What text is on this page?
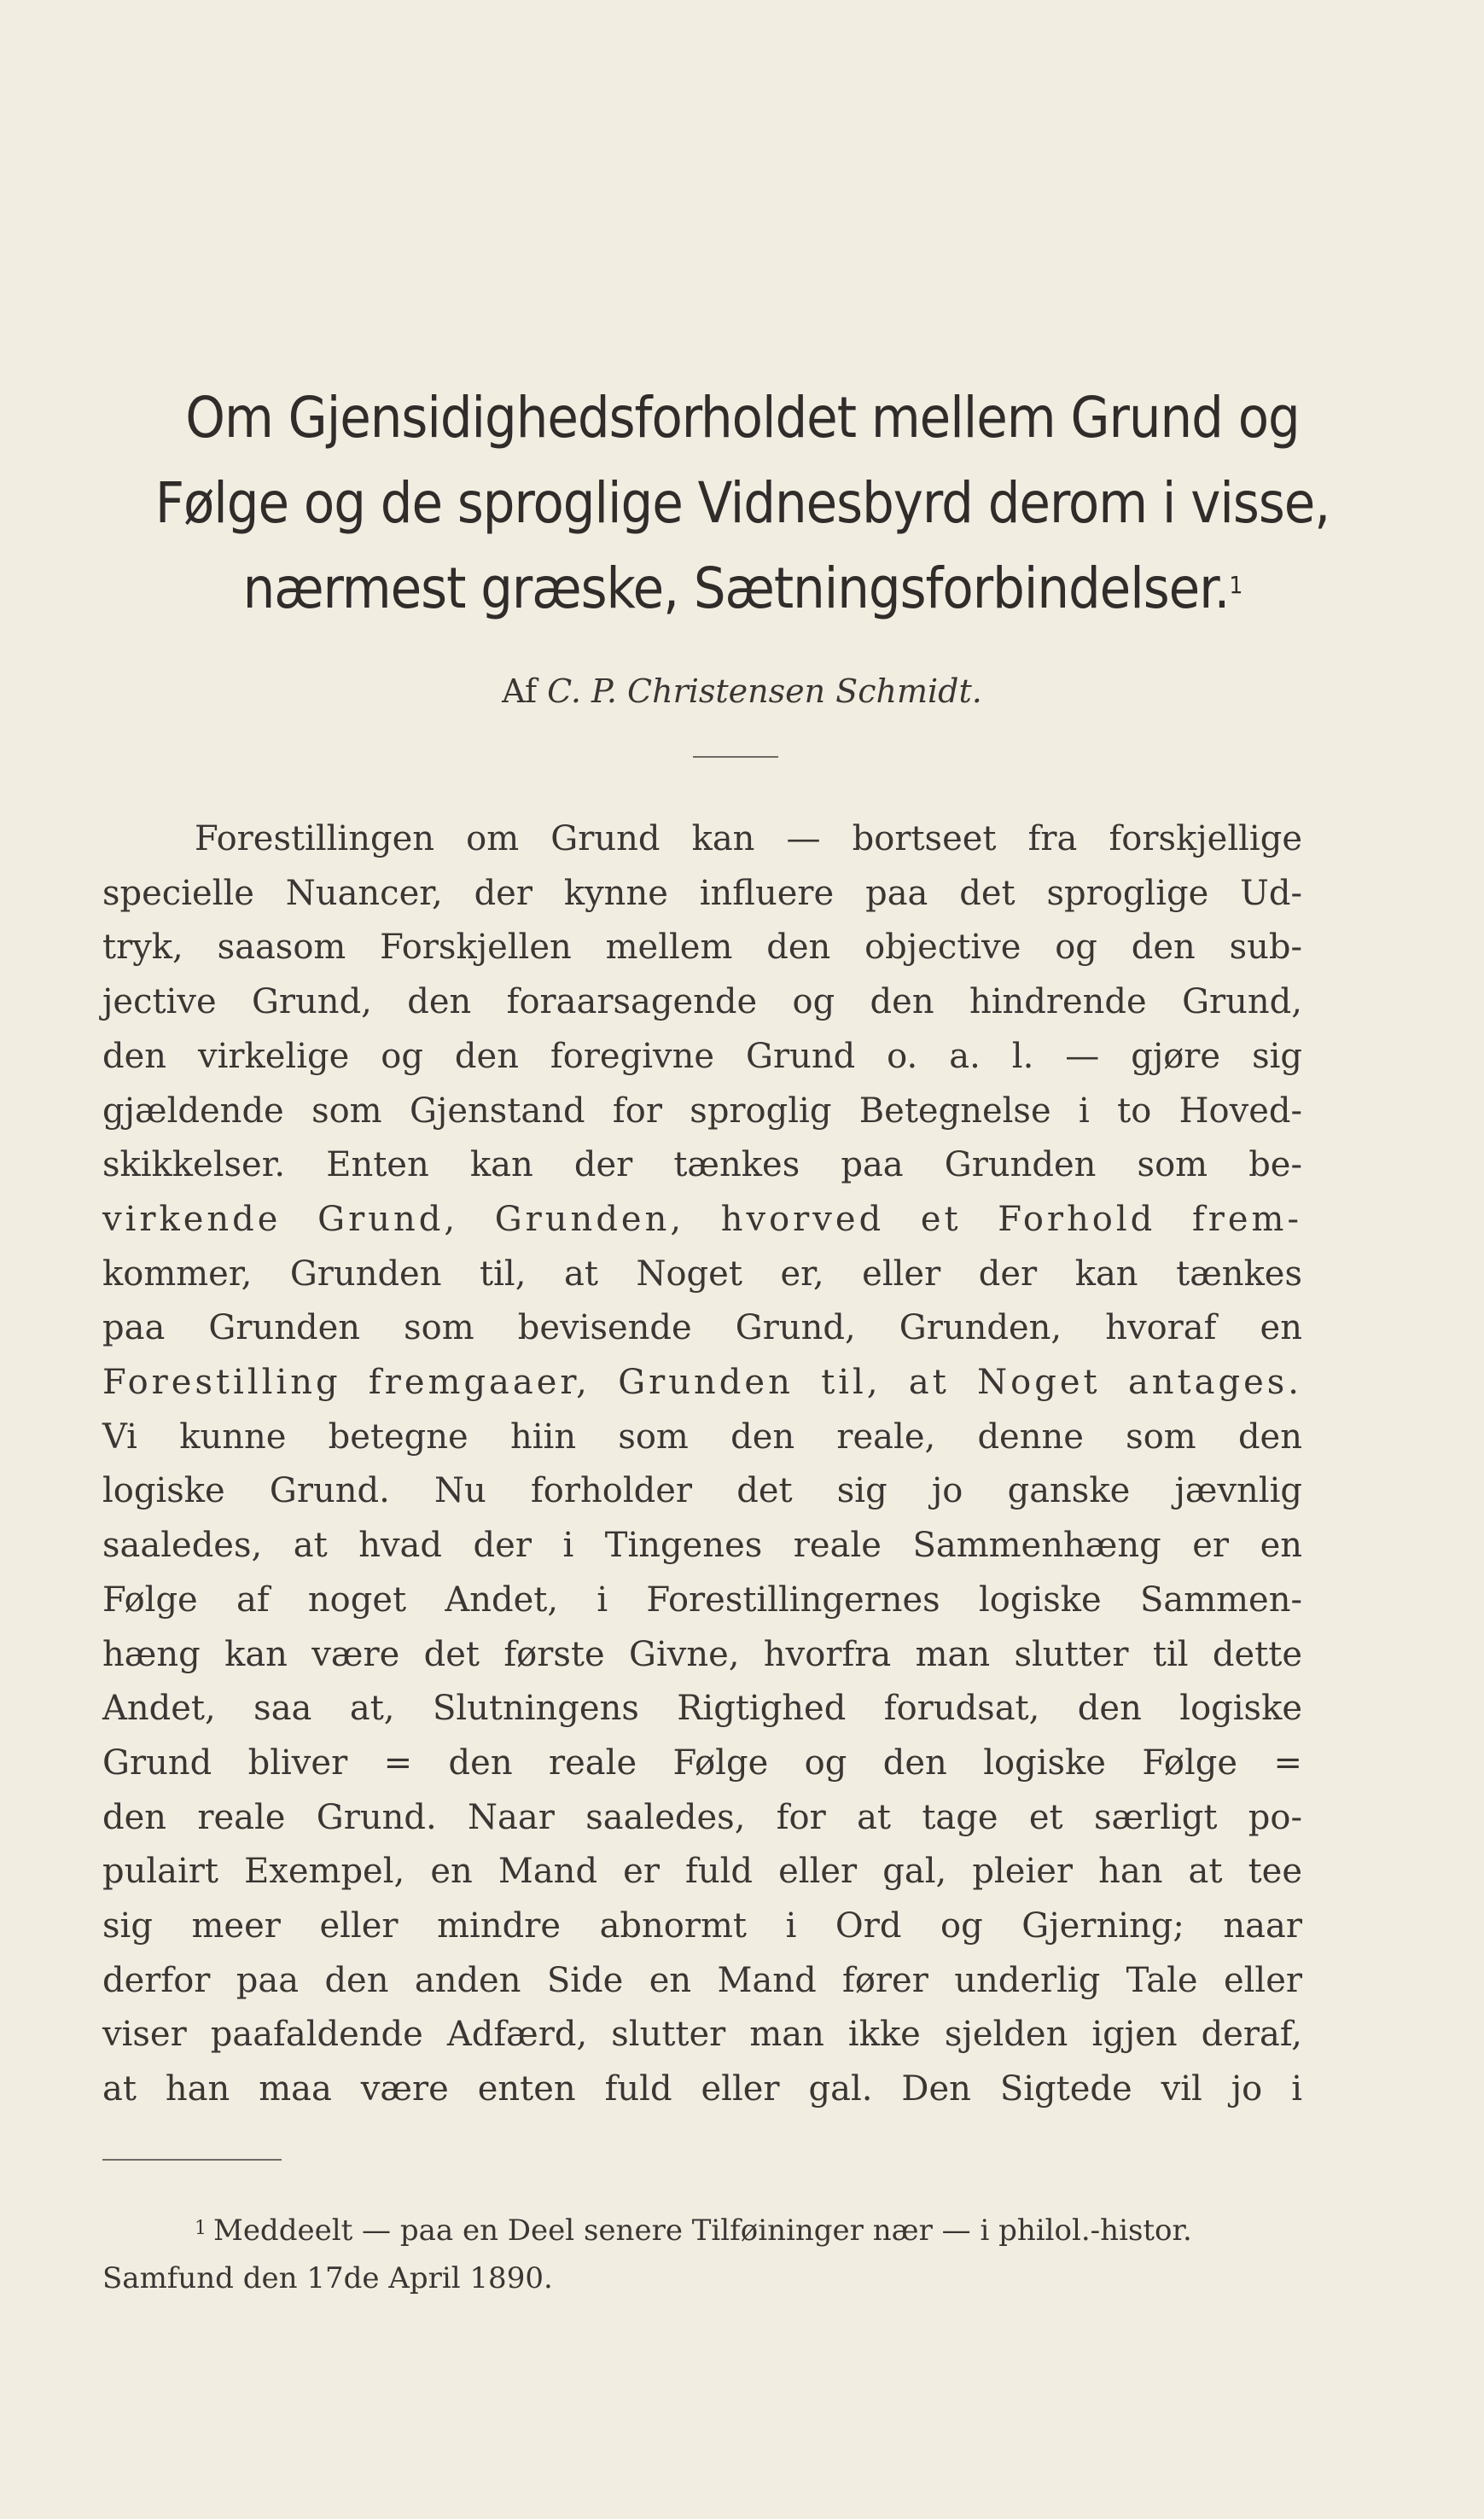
Om Gjensidighedsforholdet mellem Grund og
Følge og de sproglige Vidnesbyrd derom i visse,
nærmest græske, Sætningsforbindelser.$^1$
Af C. P. Christensen Schmidt.
Forestillingen om Grund kan — bortseet fra forskjellige
specielle Nuancer, der kynne influere paa det sproglige Ud-
tryk, saasom Forskjellen mellem den objective og den sub-
jective Grund, den foraarsagende og den hindrende Grund,
den virkelige og den foregivne Grund o. a. l. — gjøre sig
gjældende som Gjenstand for sproglig Betegnelse i to Hoved-
skikkelser. Enten kan der tænkes paa Grunden som be-
virkende Grund, Grunden, hvorved et Forhold frem-
kommer, Grunden til, at Noget er, eller der kan tænkes
paa Grunden som bevisende Grund, Grunden, hvoraf en
Forestilling fremgaaer, Grunden til, at Noget antages.
Vi kunne betegne hiin som den reale, denne som den
logiske Grund. Nu forholder det sig jo ganske jævnlig
saaledes, at hvad der i Tingenes reale Sammenhæng er en
Følge af noget Andet, i Forestillingernes logiske Sammen-
hæng kan være det første Givne, hvorfra man slutter til dette
Andet, saa at, Slutningens Rigtighed forudsat, den logiske
Grund bliver = den reale Følge og den logiske Følge =
den reale Grund. Naar saaledes, for at tage et særligt po-
pulairt Exempel, en Mand er fuld eller gal, pleier han at tee
sig meer eller mindre abnormt i Ord og Gjerning; naar
derfor paa den anden Side en Mand fører underlig Tale eller
viser paafaldende Adfærd, slutter man ikke sjelden igjen deraf,
at han maa være enten fuld eller gal. Den Sigtede vil jo i
$^1$ Meddeelt — paa en Deel senere Tilføininger nær — i philol.-histor.
Samfund den 17de April 1890.
